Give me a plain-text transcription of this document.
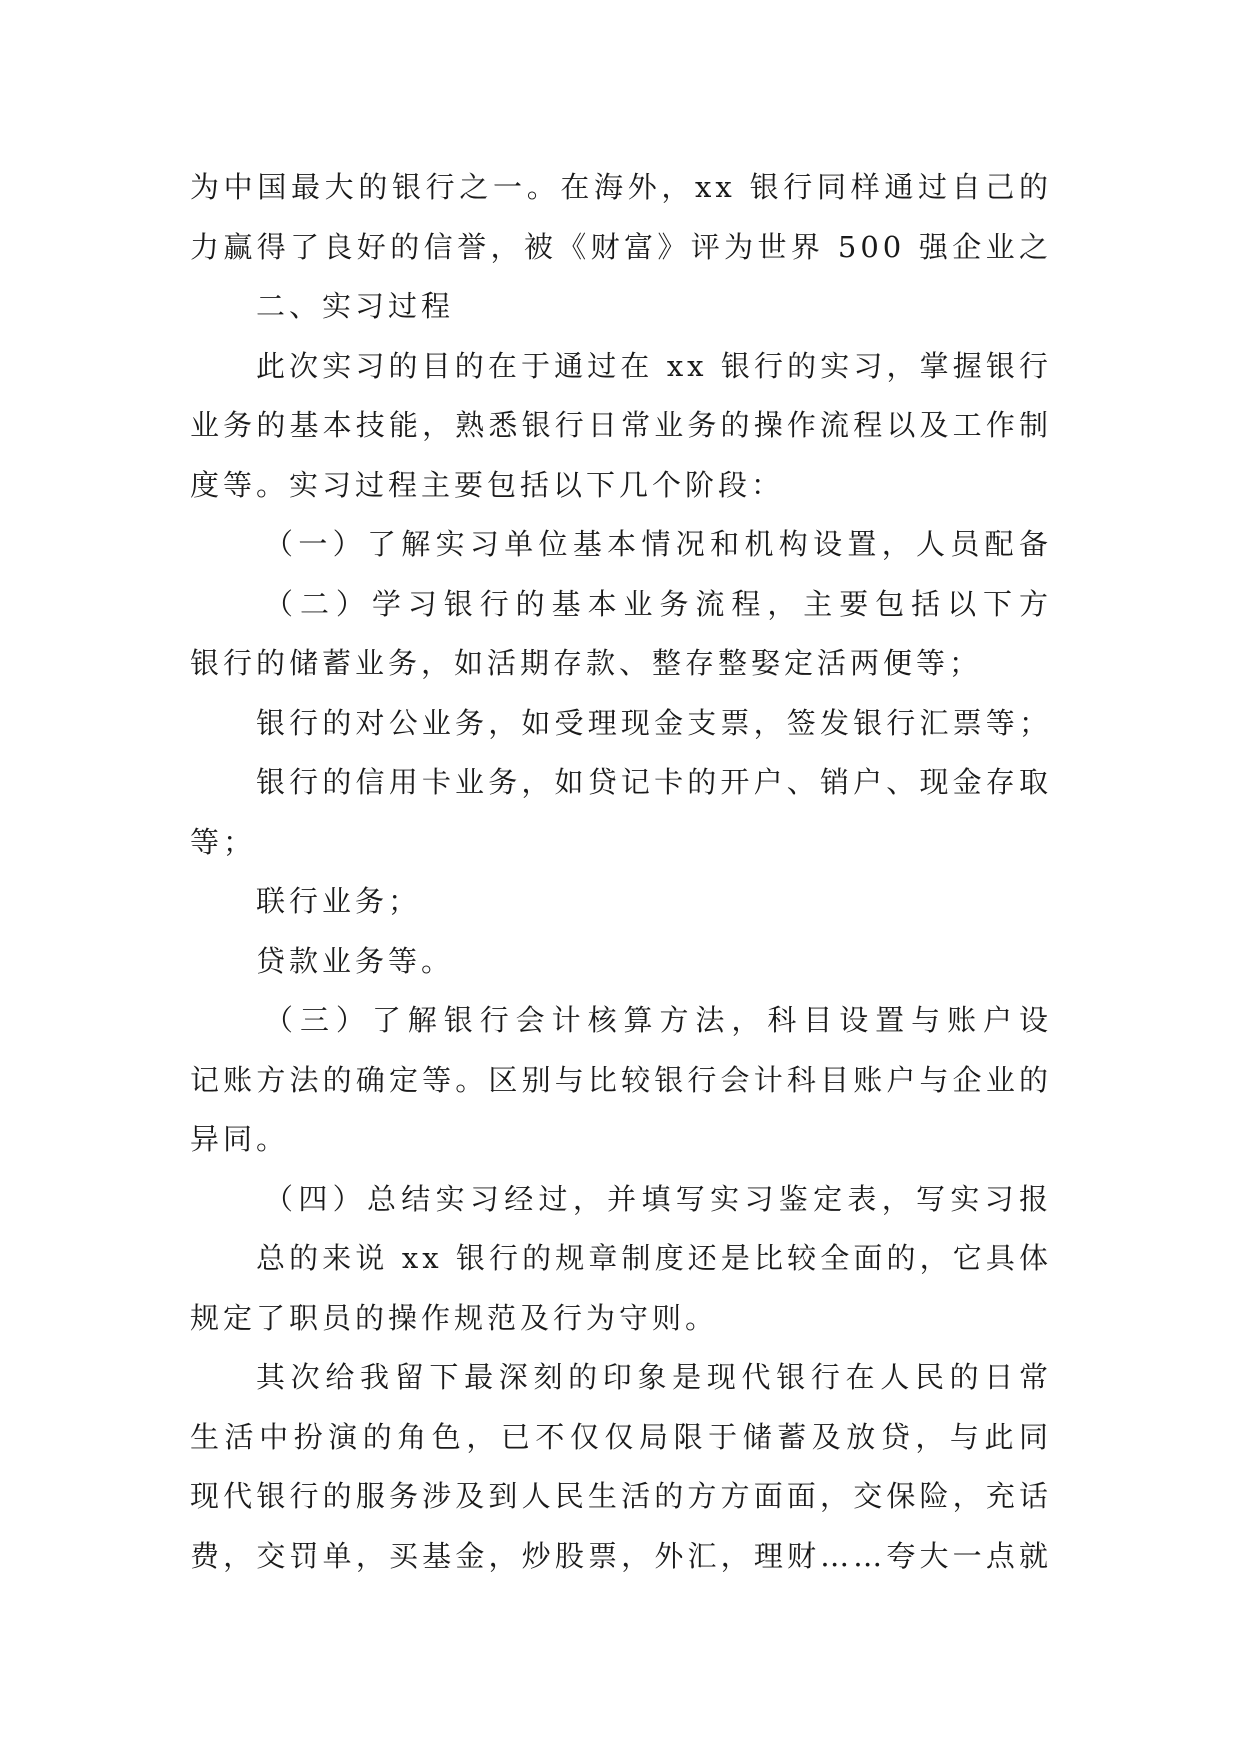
为中国最大的银行之一。在海外，xx 银行同样通过自己的
力赢得了良好的信誉，被《财富》评为世界 500 强企业之
二、实习过程
此次实习的目的在于通过在 xx 银行的实习，掌握银行
业务的基本技能，熟悉银行日常业务的操作流程以及工作制
度等。实习过程主要包括以下几个阶段：
（一）了解实习单位基本情况和机构设置，人员配备
（二）学习银行的基本业务流程，主要包括以下方
银行的储蓄业务，如活期存款、整存整娶定活两便等；
银行的对公业务，如受理现金支票，签发银行汇票等；
银行的信用卡业务，如贷记卡的开户、销户、现金存取
等；
联行业务；
贷款业务等。
（三）了解银行会计核算方法，科目设置与账户设
记账方法的确定等。区别与比较银行会计科目账户与企业的
异同。
（四）总结实习经过，并填写实习鉴定表，写实习报
总的来说 xx 银行的规章制度还是比较全面的，它具体
规定了职员的操作规范及行为守则。
其次给我留下最深刻的印象是现代银行在人民的日常
生活中扮演的角色，已不仅仅局限于储蓄及放贷，与此同
现代银行的服务涉及到人民生活的方方面面，交保险，充话
费，交罚单，买基金，炒股票，外汇，理财……夸大一点就
